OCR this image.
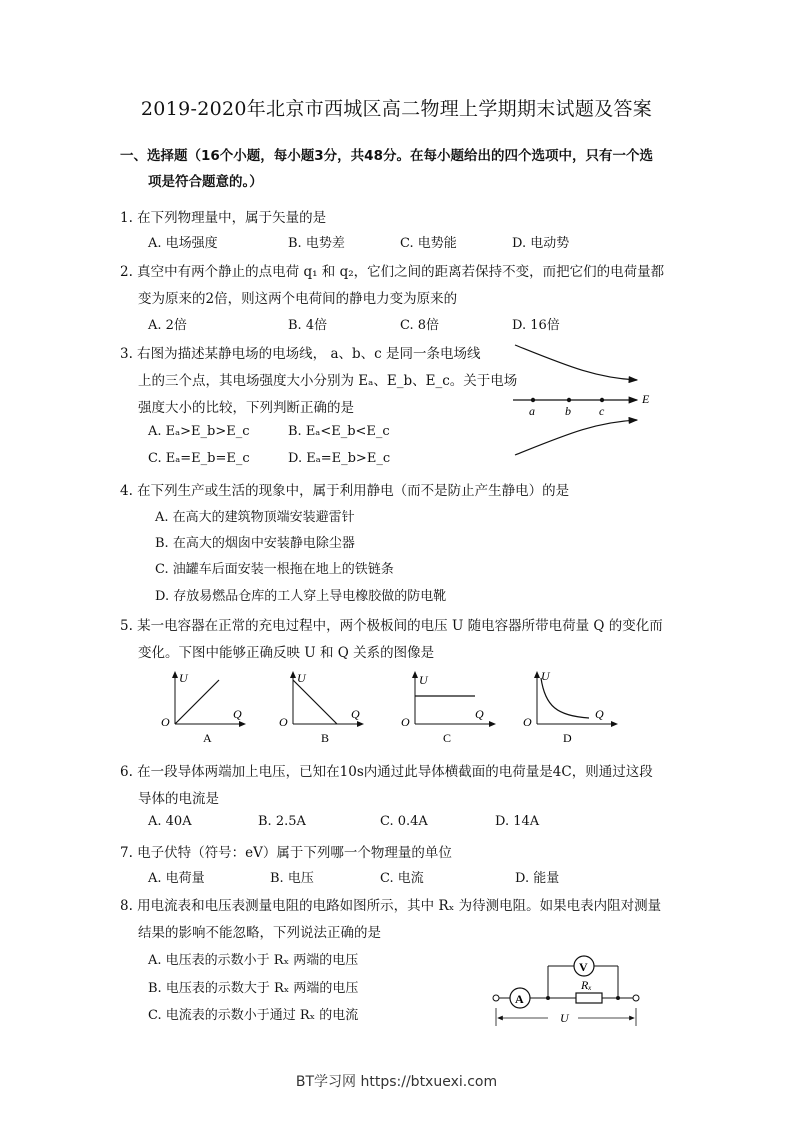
2019-2020年北京市西城区高二物理上学期期末试题及答案
一、选择题（16个小题，每小题3分，共48分。在每小题给出的四个选项中，只有一个选
项是符合题意的。）
1. 在下列物理量中，属于矢量的是
A. 电场强度	B. 电势差	C. 电势能	D. 电动势
2. 真空中有两个静止的点电荷 q₁ 和 q₂，它们之间的距离若保持不变，而把它们的电荷量都
变为原来的2倍，则这两个电荷间的静电力变为原来的
A. 2倍	B. 4倍	C. 8倍	D. 16倍
3. 右图为描述某静电场的电场线， a、b、c 是同一条电场线
上的三个点，其电场强度大小分别为 Eₐ、E_b、E_c。关于电场
强度大小的比较，下列判断正确的是
A. Eₐ>E_b>E_c	B. Eₐ<E_b<E_c
C. Eₐ=E_b=E_c	D. Eₐ=E_b>E_c
a	b c
E
4. 在下列生产或生活的现象中，属于利用静电（而不是防止产生静电）的是
A. 在高大的建筑物顶端安装避雷针
B. 在高大的烟囱中安装静电除尘器
C. 油罐车后面安装一根拖在地上的铁链条
D. 存放易燃品仓库的工人穿上导电橡胶做的防电靴
5. 某一电容器在正常的充电过程中，两个极板间的电压 U 随电容器所带电荷量 Q 的变化而
变化。下图中能够正确反映 U 和 Q 关系的图像是
U
Q
O
A
U
Q
O
B
U
Q
O
C
U
Q
O
D
6. 在一段导体两端加上电压，已知在10s内通过此导体横截面的电荷量是4C，则通过这段
导体的电流是
A. 40A	B. 2.5A	C. 0.4A	D. 14A
7. 电子伏特（符号：eV）属于下列哪一个物理量的单位
A. 电荷量	B. 电压	C. 电流	D. 能量
8. 用电流表和电压表测量电阻的电路如图所示，其中 Rₓ 为待测电阻。如果电表内阻对测量
结果的影响不能忽略，下列说法正确的是
A. 电压表的示数小于 Rₓ 两端的电压
B. 电压表的示数大于 Rₓ 两端的电压
C. 电流表的示数小于通过 Rₓ 的电流
A
Rₓ
V
U
BT学习网 https://btxuexi.com
